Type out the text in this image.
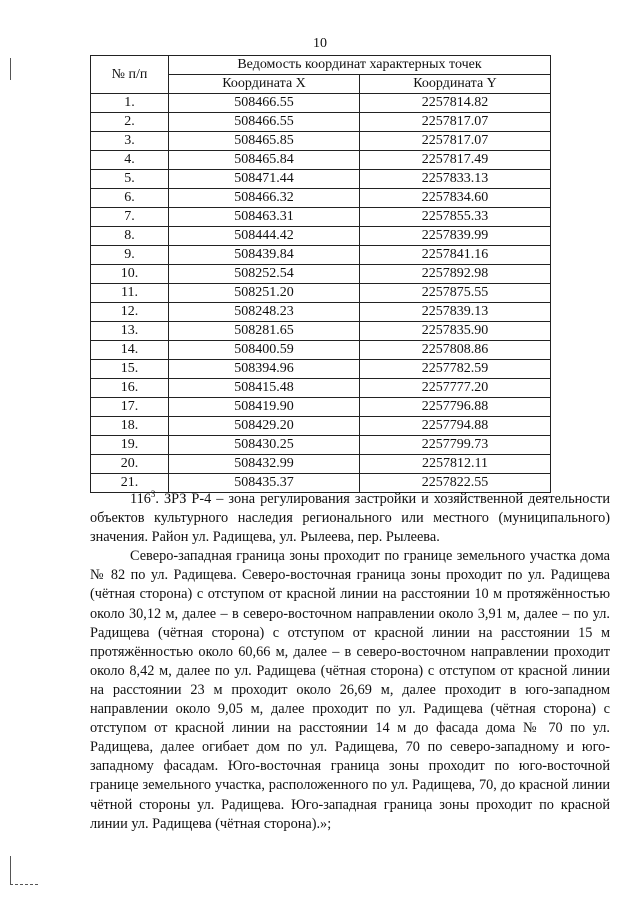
10
№ п/п	Ведомость координат характерных точек	
	Координата X	Координата Y
1.	508466.55	2257814.82
2.	508466.55	2257817.07
3.	508465.85	2257817.07
4.	508465.84	2257817.49
5.	508471.44	2257833.13
6.	508466.32	2257834.60
7.	508463.31	2257855.33
8.	508444.42	2257839.99
9.	508439.84	2257841.16
10.	508252.54	2257892.98
11.	508251.20	2257875.55
12.	508248.23	2257839.13
13.	508281.65	2257835.90
14.	508400.59	2257808.86
15.	508394.96	2257782.59
16.	508415.48	2257777.20
17.	508419.90	2257796.88
18.	508429.20	2257794.88
19.	508430.25	2257799.73
20.	508432.99	2257812.11
21.	508435.37	2257822.55

$116^3$. ЗРЗ Р-4 – зона регулирования застройки и хозяйственной деятельности объектов культурного наследия регионального или местного (муниципального) значения. Район ул. Радищева, ул. Рылеева, пер. Рылеева.

Северо-западная граница зоны проходит по границе земельного участка дома № 82 по ул. Радищева. Северо-восточная граница зоны проходит по ул. Радищева (чётная сторона) с отступом от красной линии на расстоянии 10 м протяжённостью около 30,12 м, далее – в северо-восточном направлении около 3,91 м, далее – по ул. Радищева (чётная сторона) с отступом от красной линии на расстоянии 15 м протяжённостью около 60,66 м, далее – в северо-восточном направлении проходит около 8,42 м, далее по ул. Радищева (чётная сторона) с отступом от красной линии на расстоянии 23 м проходит около 26,69 м, далее проходит в юго-западном направлении около 9,05 м, далее проходит по ул. Радищева (чётная сторона) с отступом от красной линии на расстоянии 14 м до фасада дома № 70 по ул. Радищева, далее огибает дом по ул. Радищева, 70 по северо-западному и юго-западному фасадам. Юго-восточная граница зоны проходит по юго-восточной границе земельного участка, расположенного по ул. Радищева, 70, до красной линии чётной стороны ул. Радищева. Юго-западная граница зоны проходит по красной линии ул. Радищева (чётная сторона).»;
